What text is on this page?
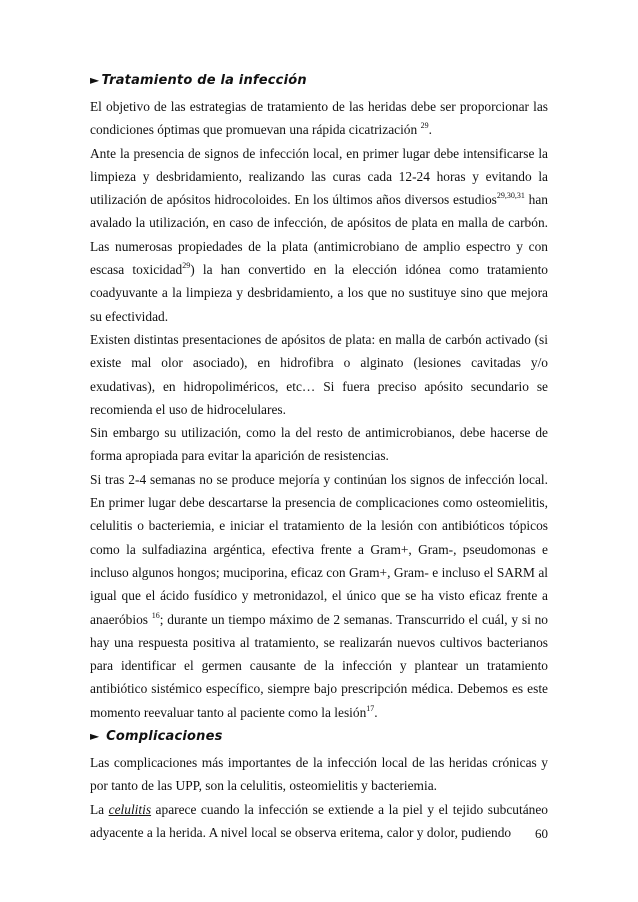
► Tratamiento de la infección

El objetivo de las estrategias de tratamiento de las heridas debe ser proporcionar las condiciones óptimas que promuevan una rápida cicatrización $^{29}$.

Ante la presencia de signos de infección local, en primer lugar debe intensificarse la limpieza y desbridamiento, realizando las curas cada 12-24 horas y evitando la utilización de apósitos hidrocoloides. En los últimos años diversos estudios$^{29,30,31}$ han avalado la utilización, en caso de infección, de apósitos de plata en malla de carbón. Las numerosas propiedades de la plata (antimicrobiano de amplio espectro y con escasa toxicidad$^{29}$) la han convertido en la elección idónea como tratamiento coadyuvante a la limpieza y desbridamiento, a los que no sustituye sino que mejora su efectividad.

Existen distintas presentaciones de apósitos de plata: en malla de carbón activado (si existe mal olor asociado), en hidrofibra o alginato (lesiones cavitadas y/o exudativas), en hidropoliméricos, etc… Si fuera preciso apósito secundario se recomienda el uso de hidrocelulares.

Sin embargo su utilización, como la del resto de antimicrobianos, debe hacerse de forma apropiada para evitar la aparición de resistencias.

Si tras 2-4 semanas no se produce mejoría y continúan los signos de infección local. En primer lugar debe descartarse la presencia de complicaciones como osteomielitis, celulitis o bacteriemia, e iniciar el tratamiento de la lesión con antibióticos tópicos como la sulfadiazina argéntica, efectiva frente a Gram+, Gram-, pseudomonas e incluso algunos hongos; muciporina, eficaz con Gram+, Gram- e incluso el SARM al igual que el ácido fusídico y metronidazol, el único que se ha visto eficaz frente a anaeróbios $^{16}$; durante un tiempo máximo de 2 semanas. Transcurrido el cuál, y si no hay una respuesta positiva al tratamiento, se realizarán nuevos cultivos bacterianos para identificar el germen causante de la infección y plantear un tratamiento antibiótico sistémico específico, siempre bajo prescripción médica. Debemos es este momento reevaluar tanto al paciente como la lesión$^{17}$.

► Complicaciones

Las complicaciones más importantes de la infección local de las heridas crónicas y por tanto de las UPP, son la celulitis, osteomielitis y bacteriemia.

La celulitis aparece cuando la infección se extiende a la piel y el tejido subcutáneo adyacente a la herida. A nivel local se observa eritema, calor y dolor, pudiendo	60
